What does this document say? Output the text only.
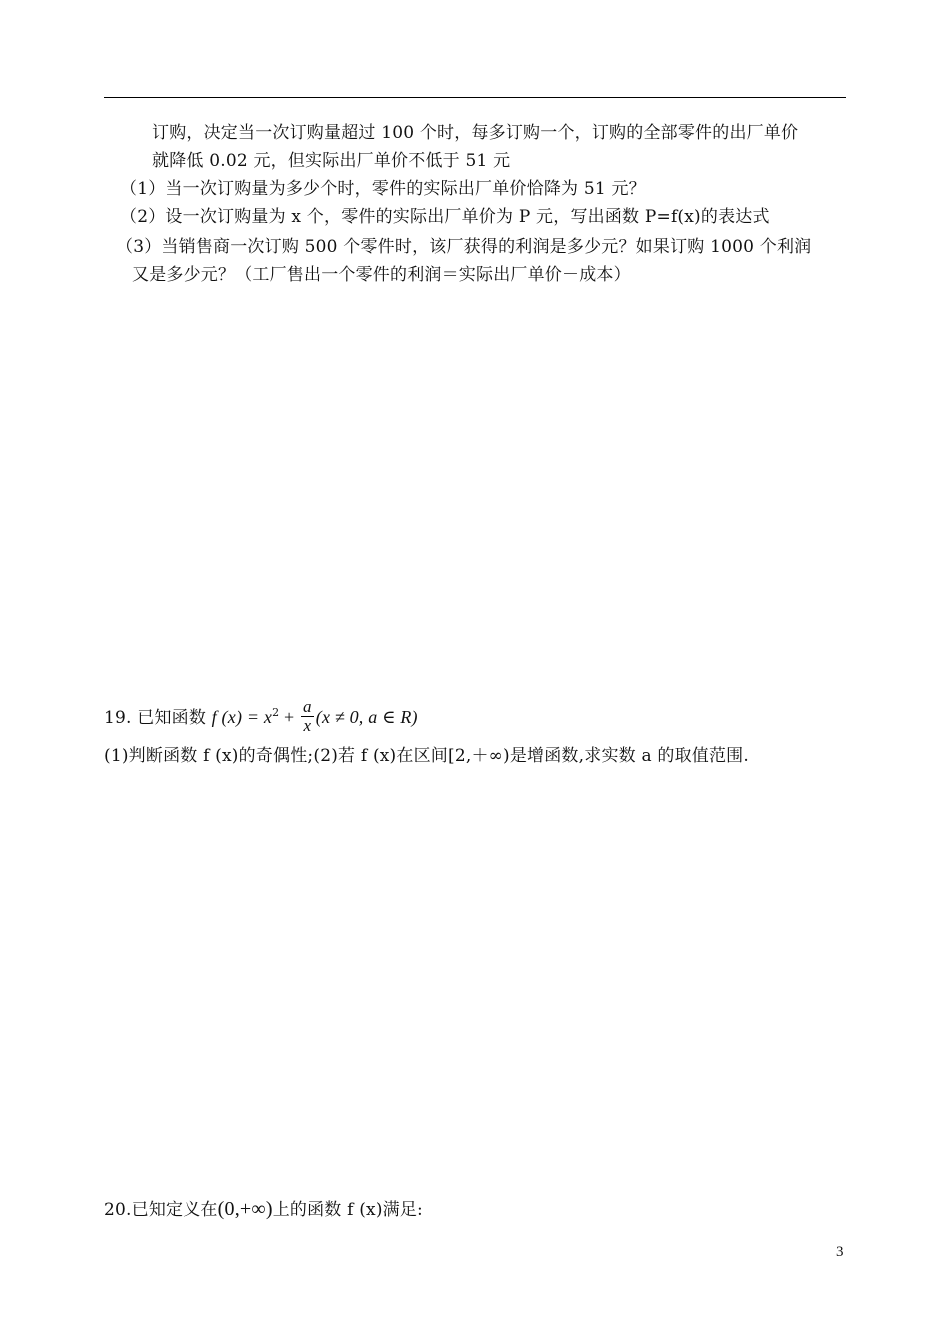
订购，决定当一次订购量超过 100 个时，每多订购一个，订购的全部零件的出厂单价
就降低 0.02 元，但实际出厂单价不低于 51 元
（1）当一次订购量为多少个时，零件的实际出厂单价恰降为 51 元？
（2）设一次订购量为 x 个，零件的实际出厂单价为 P 元，写出函数 P=f(x)的表达式
（3）当销售商一次订购 500 个零件时，该厂获得的利润是多少元？如果订购 1000 个利润
又是多少元？（工厂售出一个零件的利润＝实际出厂单价－成本）
19. 已知函数 f $(x) = x^2 + \frac{a}{x} (x \ne 0$, a ∈ R)
(1)判断函数 f (x)的奇偶性;(2)若 f (x)在区间[2,＋∞)是增函数,求实数 a 的取值范围.
20.已知定义在(0,+∞)上的函数 f (x)满足:
3
